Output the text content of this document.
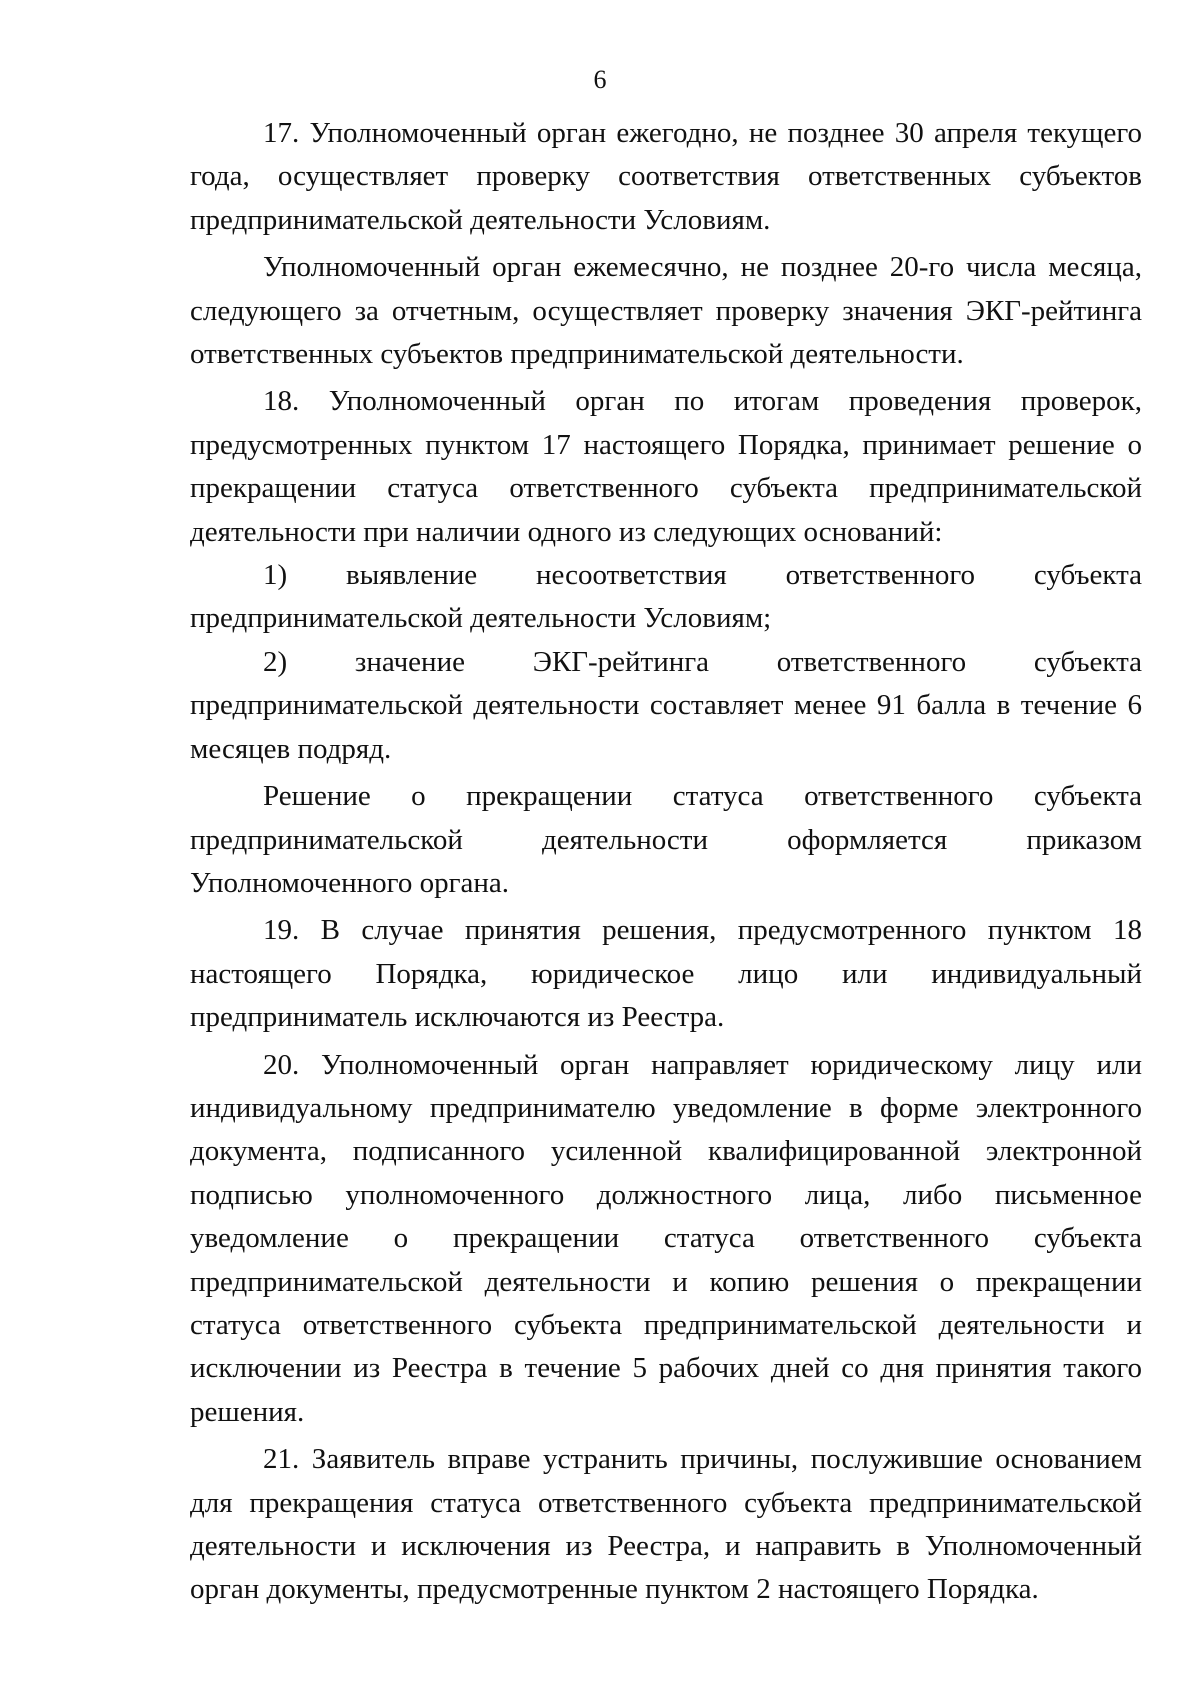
6

17. Уполномоченный орган ежегодно, не позднее 30 апреля текущего года, осуществляет проверку соответствия ответственных субъектов предпринимательской деятельности Условиям.

Уполномоченный орган ежемесячно, не позднее 20-го числа месяца, следующего за отчетным, осуществляет проверку значения ЭКГ-рейтинга ответственных субъектов предпринимательской деятельности.

18. Уполномоченный орган по итогам проведения проверок, предусмотренных пунктом 17 настоящего Порядка, принимает решение о прекращении статуса ответственного субъекта предпринимательской деятельности при наличии одного из следующих оснований:

1) выявление несоответствия ответственного субъекта предпринимательской деятельности Условиям;

2) значение ЭКГ-рейтинга ответственного субъекта предпринимательской деятельности составляет менее 91 балла в течение 6 месяцев подряд.

Решение о прекращении статуса ответственного субъекта предпринимательской деятельности оформляется приказом Уполномоченного органа.

19. В случае принятия решения, предусмотренного пунктом 18 настоящего Порядка, юридическое лицо или индивидуальный предприниматель исключаются из Реестра.

20. Уполномоченный орган направляет юридическому лицу или индивидуальному предпринимателю уведомление в форме электронного документа, подписанного усиленной квалифицированной электронной подписью уполномоченного должностного лица, либо письменное уведомление о прекращении статуса ответственного субъекта предпринимательской деятельности и копию решения о прекращении статуса ответственного субъекта предпринимательской деятельности и исключении из Реестра в течение 5 рабочих дней со дня принятия такого решения.

21. Заявитель вправе устранить причины, послужившие основанием для прекращения статуса ответственного субъекта предпринимательской деятельности и исключения из Реестра, и направить в Уполномоченный орган документы, предусмотренные пунктом 2 настоящего Порядка.
